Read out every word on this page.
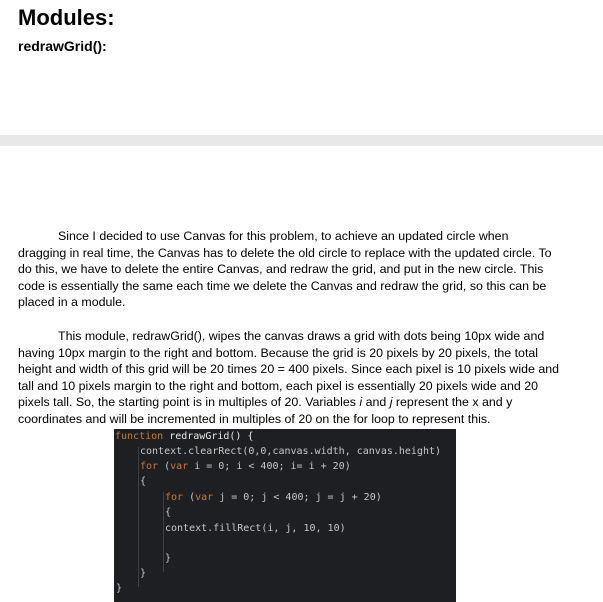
Modules:
redrawGrid():

Since I decided to use Canvas for this problem, to achieve an updated circle when dragging in real time, the Canvas has to delete the old circle to replace with the updated circle. To do this, we have to delete the entire Canvas, and redraw the grid, and put in the new circle. This code is essentially the same each time we delete the Canvas and redraw the grid, so this can be placed in a module.

This module, redrawGrid(), wipes the canvas draws a grid with dots being 10px wide and having 10px margin to the right and bottom. Because the grid is 20 pixels by 20 pixels, the total height and width of this grid will be 20 times 20 = 400 pixels. Since each pixel is 10 pixels wide and tall and 10 pixels margin to the right and bottom, each pixel is essentially 20 pixels wide and 20 pixels tall. So, the starting point is in multiples of 20. Variables i and j represent the x and y coordinates and will be incremented in multiples of 20 on the for loop to represent this.

function redrawGrid() {
context.clearRect(0,0,canvas.width, canvas.height)
for (var i = 0; i < 400; i= i + 20)
{
for (var j = 0; j < 400; j = j + 20)
{
context.fillRect(i, j, 10, 10)
}
}
}
